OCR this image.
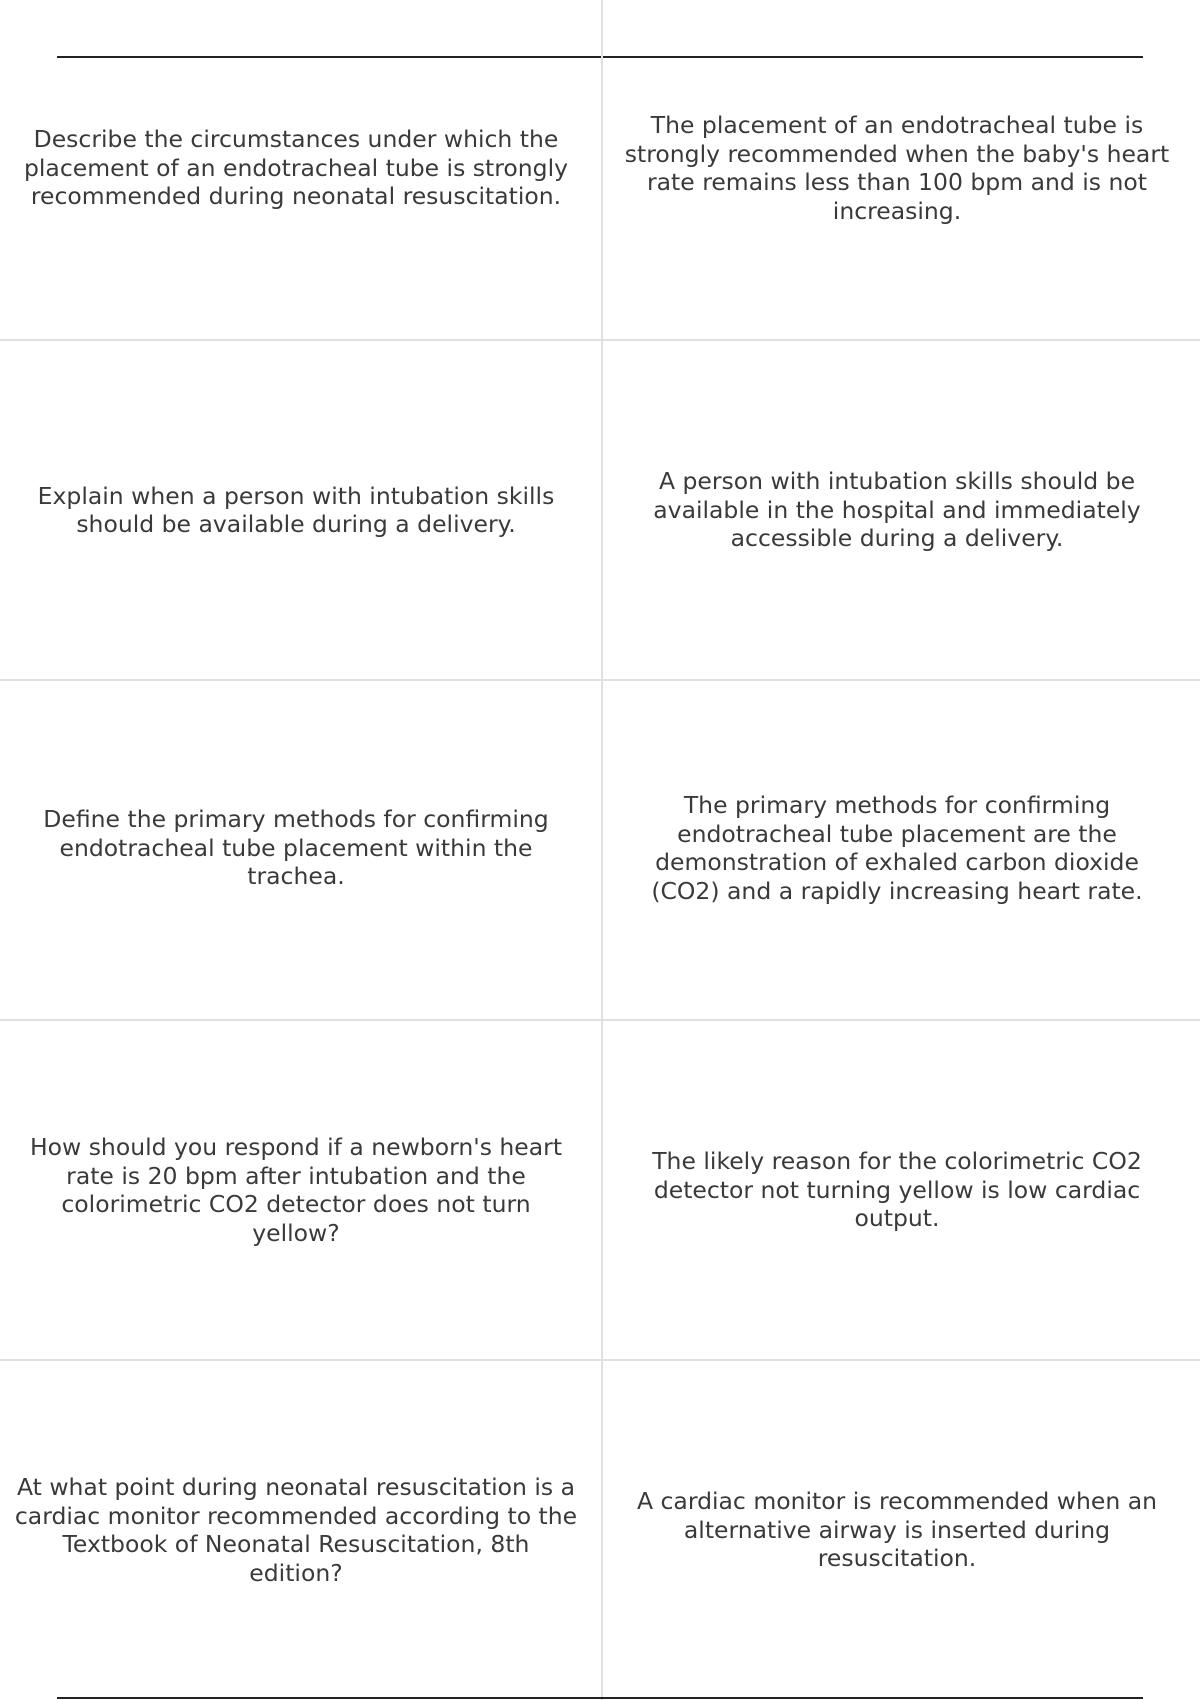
Describe the circumstances under which the placement of an endotracheal tube is strongly recommended during neonatal resuscitation.
The placement of an endotracheal tube is strongly recommended when the baby's heart rate remains less than 100 bpm and is not increasing.
Explain when a person with intubation skills should be available during a delivery.
A person with intubation skills should be available in the hospital and immediately accessible during a delivery.
Define the primary methods for confirming endotracheal tube placement within the trachea.
The primary methods for confirming endotracheal tube placement are the demonstration of exhaled carbon dioxide (CO2) and a rapidly increasing heart rate.
How should you respond if a newborn's heart rate is 20 bpm after intubation and the colorimetric CO2 detector does not turn yellow?
The likely reason for the colorimetric CO2 detector not turning yellow is low cardiac output.
At what point during neonatal resuscitation is a cardiac monitor recommended according to the Textbook of Neonatal Resuscitation, 8th edition?
A cardiac monitor is recommended when an alternative airway is inserted during resuscitation.
